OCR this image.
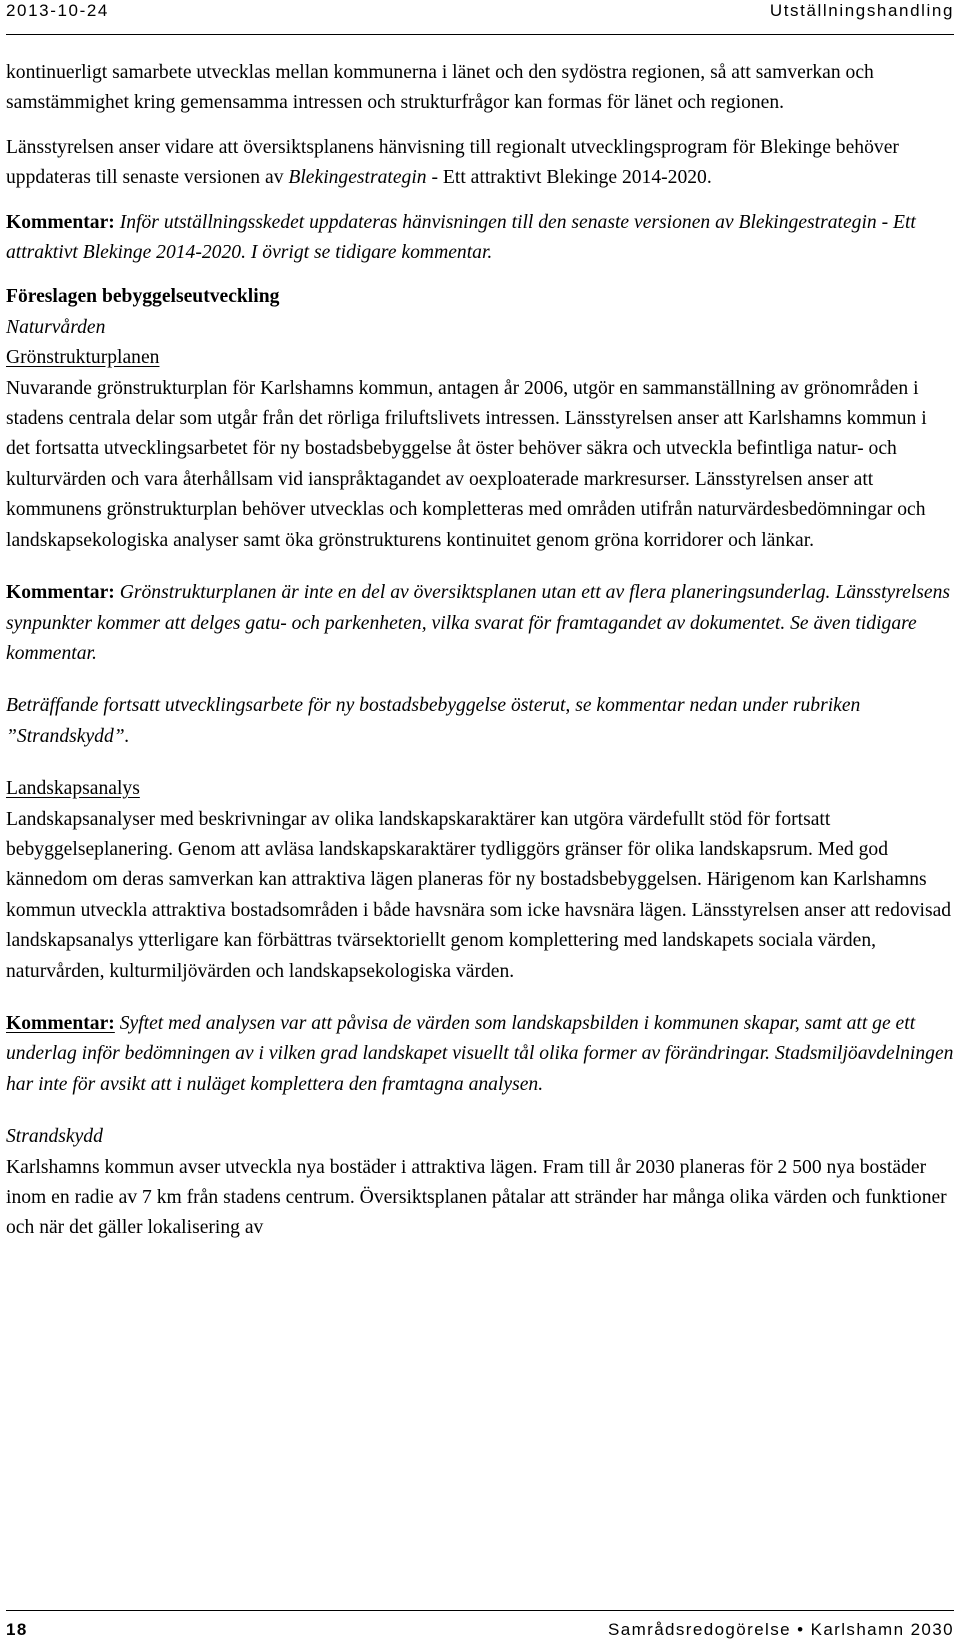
2013-10-24	Utställningshandling

kontinuerligt samarbete utvecklas mellan kommunerna i länet och den sydöstra regionen, så att samverkan och samstämmighet kring gemensamma intressen och strukturfrågor kan formas för länet och regionen.

Länsstyrelsen anser vidare att översiktsplanens hänvisning till regionalt utvecklingsprogram för Blekinge behöver uppdateras till senaste versionen av Blekingestrategin - Ett attraktivt Blekinge 2014-2020.

Kommentar: Inför utställningsskedet uppdateras hänvisningen till den senaste versionen av Blekingestrategin - Ett attraktivt Blekinge 2014-2020. I övrigt se tidigare kommentar.

Föreslagen bebyggelseutveckling

Naturvården

Grönstrukturplanen

Nuvarande grönstrukturplan för Karlshamns kommun, antagen år 2006, utgör en sammanställning av grönområden i stadens centrala delar som utgår från det rörliga friluftslivets intressen. Länsstyrelsen anser att Karlshamns kommun i det fortsatta utvecklingsarbetet för ny bostadsbebyggelse åt öster behöver säkra och utveckla befintliga natur- och kulturvärden och vara återhållsam vid ianspråktagandet av oexploaterade markresurser. Länsstyrelsen anser att kommunens grönstrukturplan behöver utvecklas och kompletteras med områden utifrån naturvärdesbedömningar och landskapsekologiska analyser samt öka grönstrukturens kontinuitet genom gröna korridorer och länkar.

Kommentar: Grönstrukturplanen är inte en del av översiktsplanen utan ett av flera planeringsunderlag. Länsstyrelsens synpunkter kommer att delges gatu- och parkenheten, vilka svarat för framtagandet av dokumentet. Se även tidigare kommentar.

Beträffande fortsatt utvecklingsarbete för ny bostadsbebyggelse österut, se kommentar nedan under rubriken ”Strandskydd”.

Landskapsanalys

Landskapsanalyser med beskrivningar av olika landskapskaraktärer kan utgöra värdefullt stöd för fortsatt bebyggelseplanering. Genom att avläsa landskapskaraktärer tydliggörs gränser för olika landskapsrum. Med god kännedom om deras samverkan kan attraktiva lägen planeras för ny bostadsbebyggelsen. Härigenom kan Karlshamns kommun utveckla attraktiva bostadsområden i både havsnära som icke havsnära lägen. Länsstyrelsen anser att redovisad landskapsanalys ytterligare kan förbättras tvärsektoriellt genom komplettering med landskapets sociala värden, naturvården, kulturmiljövärden och landskapsekologiska värden.

Kommentar: Syftet med analysen var att påvisa de värden som landskapsbilden i kommunen skapar, samt att ge ett underlag inför bedömningen av i vilken grad landskapet visuellt tål olika former av förändringar. Stadsmiljöavdelningen har inte för avsikt att i nuläget komplettera den framtagna analysen.

Strandskydd

Karlshamns kommun avser utveckla nya bostäder i attraktiva lägen. Fram till år 2030 planeras för 2 500 nya bostäder inom en radie av 7 km från stadens centrum. Översiktsplanen påtalar att stränder har många olika värden och funktioner och när det gäller lokalisering av

18	Samrådsredogörelse • Karlshamn 2030
